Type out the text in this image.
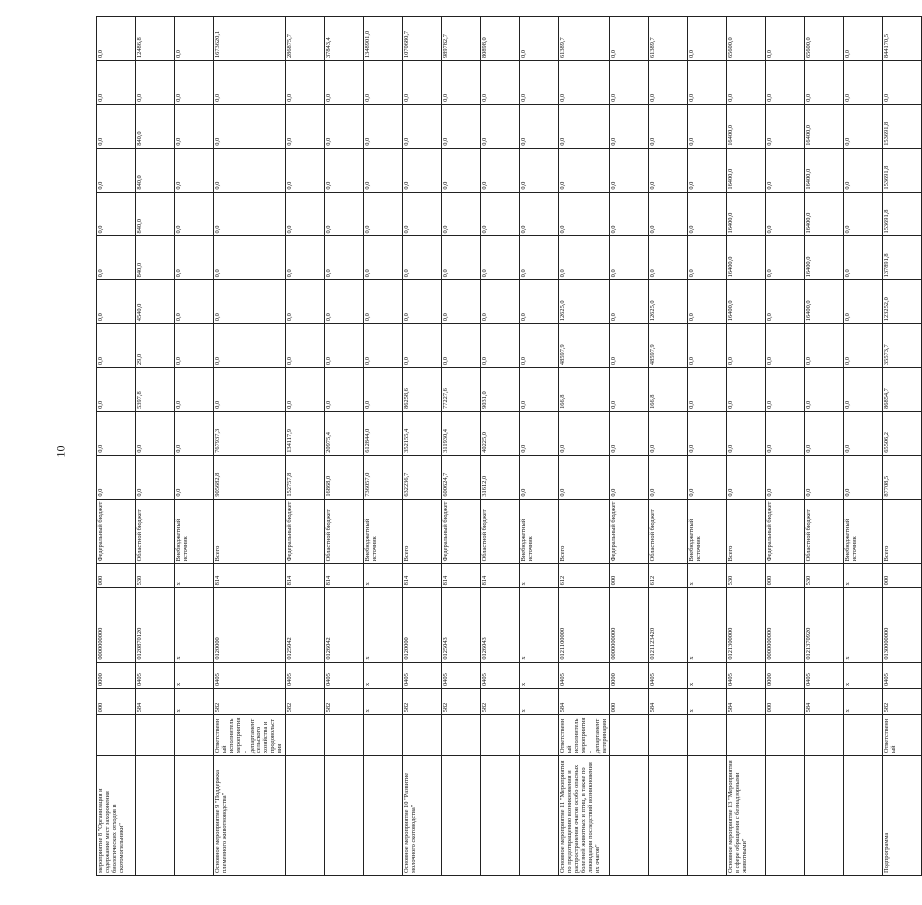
10
мероприятие 8 "Организация и содержание мест захоронения биологических отходов в скотомогильники"		000	0000	0000000000	000	Федеральный бюджет	0,0	0,0	0,0	0,0	0,0	0,0	0,0	0,0	0,0	0,0	0,0
		584	0405	0120870120	530	Областной бюджет	0,0	0,0	5397,8	29,0	4540,0	840,0	840,0	840,0	840,0	0,0	12486,8
		х	х	х	х	Внебюджетный источник	0,0	0,0	0,0	0,0	0,0	0,0	0,0	0,0	0,0	0,0	0,0
Основное мероприятие 9 "Поддержка племенного животноводства"	Ответственный исполнитель мероприятия - департамент сельского хозяйства и продовольствия	582	0405	0120000	814	Всего	905682,8	767937,3	0,0	0,0	0,0	0,0	0,0	0,0	0,0	0,0	1673620,1
		582	0405	0125042	814	Федеральный бюджет	152757,8	134117,9	0,0	0,0	0,0	0,0	0,0	0,0	0,0	0,0	286875,7
		582	0405	0126042	814	Областной бюджет	16868,0	20975,4	0,0	0,0	0,0	0,0	0,0	0,0	0,0	0,0	37843,4
		х	х	х	х	Внебюджетный источник	736057,0	612844,0	0,0	0,0	0,0	0,0	0,0	0,0	0,0	0,0	1348901,0
Основное мероприятие 10 "Развитие молочного скотоводства"		582	0405	0120000	814	Всего	632236,7	352155,4	86258,6	0,0	0,0	0,0	0,0	0,0	0,0	0,0	1070680,7
		582	0405	0125043	814	Федеральный бюджет	600624,7	311930,4	77227,6	0,0	0,0	0,0	0,0	0,0	0,0	0,0	989782,7
		582	0405	0126043	814	Областной бюджет	31612,0	40225,0	9031,0	0,0	0,0	0,0	0,0	0,0	0,0	0,0	80898,0
		х	х	х	х	Внебюджетный источник	0,0	0,0	0,0	0,0	0,0	0,0	0,0	0,0	0,0	0,0	0,0
Основное мероприятие 11 "Мероприятия по предотвращению возникновения и распространения очагов особо опасных болезней животных и птиц, в также по ликвидации последствий возникновения их очагов"	Ответственный исполнитель мероприятия - департамент ветеринарии	584	0405	0121100000	612	Всего	0,0	0,0	166,8	48597,9	12625,0	0,0	0,0	0,0	0,0	0,0	61389,7
		000	0000	0000000000	000	Федеральный бюджет	0,0	0,0	0,0	0,0	0,0	0,0	0,0	0,0	0,0	0,0	0,0
		584	0405	0121123420	612	Областной бюджет	0,0	0,0	166,8	48597,9	12625,0	0,0	0,0	0,0	0,0	0,0	61389,7
		х	х	х	х	Внебюджетный источник	0,0	0,0	0,0	0,0	0,0	0,0	0,0	0,0	0,0	0,0	0,0
Основное мероприятие 13 "Мероприятия в сфере обращения с безнадзорными животными"		584	0405	0121300000	530	Всего	0,0	0,0	0,0	0,0	16400,0	16400,0	16400,0	16400,0	16400,0	0,0	65600,0
		000	0000	0000000000	000	Федеральный бюджет	0,0	0,0	0,0	0,0	0,0	0,0	0,0	0,0	0,0	0,0	0,0
		584	0405	0121370920	530	Областной бюджет	0,0	0,0	0,0	0,0	16400,0	16400,0	16400,0	16400,0	16400,0	0,0	65600,0
		х	х	х	х	Внебюджетный источник	0,0	0,0	0,0	0,0	0,0	0,0	0,0	0,0	0,0	0,0	0,0
Подпрограмма	Ответственный	582	0405	0130000000	000	Всего	87708,5	65506,2	86854,7	35573,7	123252,0	137891,8	153691,8	153691,8	153691,8	0,0	844170,5
